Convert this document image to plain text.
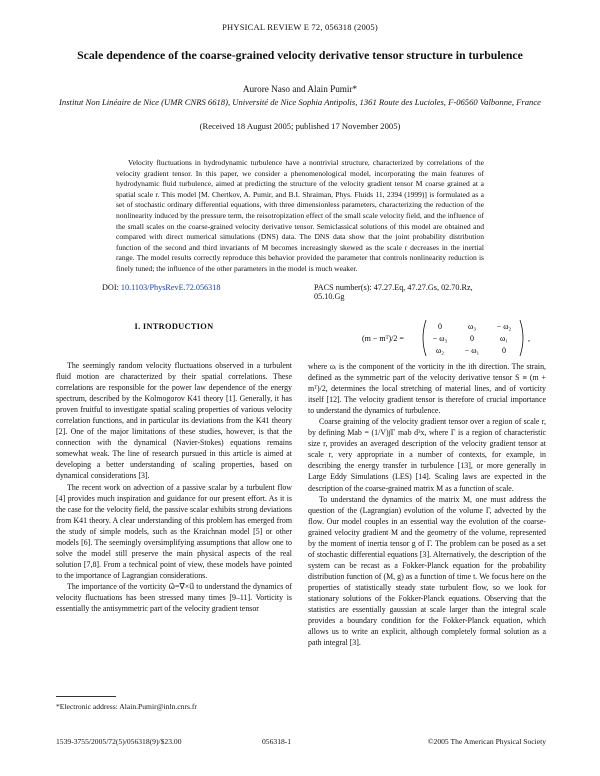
PHYSICAL REVIEW E 72, 056318 (2005)
Scale dependence of the coarse-grained velocity derivative tensor structure in turbulence
Aurore Naso and Alain Pumir*
Institut Non Linéaire de Nice (UMR CNRS 6618), Université de Nice Sophia Antipolis, 1361 Route des Lucioles, F-06560 Valbonne, France
(Received 18 August 2005; published 17 November 2005)

Velocity fluctuations in hydrodynamic turbulence have a nontrivial structure, characterized by correlations of the velocity gradient tensor. In this paper, we consider a phenomenological model, incorporating the main features of hydrodynamic fluid turbulence, aimed at predicting the structure of the velocity gradient tensor M coarse grained at a spatial scale r. This model [M. Chertkov, A. Pumir, and B.I. Shraiman, Phys. Fluids 11, 2394 (1999)] is formulated as a set of stochastic ordinary differential equations, with three dimensionless parameters, characterizing the reduction of the nonlinearity induced by the pressure term, the reisotropization effect of the small scale velocity field, and the influence of the small scales on the coarse-grained velocity derivative tensor. Semiclassical solutions of this model are obtained and compared with direct numerical simulations (DNS) data. The DNS data show that the joint probability distribution function of the second and third invariants of M becomes increasingly skewed as the scale r decreases in the inertial range. The model results correctly reproduce this behavior provided the parameter that controls nonlinearity reduction is finely tuned; the influence of the other parameters in the model is much weaker.

DOI: 10.1103/PhysRevE.72.056318	PACS number(s): 47.27.Eq, 47.27.Gs, 02.70.Rz, 05.10.Gg
I. INTRODUCTION

The seemingly random velocity fluctuations observed in a turbulent fluid motion are characterized by their spatial correlations. These correlations are responsible for the power law dependence of the energy spectrum, described by the Kolmogorov K41 theory [1]. Generally, it has proven fruitful to investigate spatial scaling properties of various velocity correlation functions, and in particular its deviations from the K41 theory [2]. One of the major limitations of these studies, however, is that the connection with the dynamical (Navier-Stokes) equations remains somewhat weak. The line of research pursued in this article is aimed at developing a better understanding of scaling properties, based on dynamical considerations [3].

The recent work on advection of a passive scalar by a turbulent flow [4] provides much inspiration and guidance for our present effort. As it is the case for the velocity field, the passive scalar exhibits strong deviations from K41 theory. A clear understanding of this problem has emerged from the study of simple models, such as the Kraichnan model [5] or other models [6]. The seemingly oversimplifying assumptions that allow one to solve the model still preserve the main physical aspects of the real solution [7,8]. From a technical point of view, these models have pointed to the importance of Lagrangian considerations.

The importance of the vorticity ω⃗=∇⃗×u⃗ to understand the dynamics of velocity fluctuations has been stressed many times [9–11]. Vorticity is essentially the antisymmetric part of the velocity gradient tensor

(m − mᵀ)/2 =
0	ω₃	− ω₂
− ω₃	0	ω₁
ω₂	− ω₁	0
,

where ωᵢ is the component of the vorticity in the ith direction. The strain, defined as the symmetric part of the velocity derivative tensor S ≡ (m + mᵀ)/2, determines the local stretching of material lines, and of vorticity itself [12]. The velocity gradient tensor is therefore of crucial importance to understand the dynamics of turbulence.

Coarse graining of the velocity gradient tensor over a region of scale r, by defining Mab = (1/V)∫Γ mab d³x, where Γ is a region of characteristic size r, provides an averaged description of the velocity gradient tensor at scale r, very appropriate in a number of contexts, for example, in describing the energy transfer in turbulence [13], or more generally in Large Eddy Simulations (LES) [14]. Scaling laws are expected in the description of the coarse-grained matrix M as a function of scale.

To understand the dynamics of the matrix M, one must address the question of the (Lagrangian) evolution of the volume Γ, advected by the flow. Our model couples in an essential way the evolution of the coarse-grained velocity gradient M and the geometry of the volume, represented by the moment of inertia tensor g of Γ. The problem can be posed as a set of stochastic differential equations [3]. Alternatively, the description of the system can be recast as a Fokker-Planck equation for the probability distribution function of (M, g) as a function of time t. We focus here on the properties of statistically steady state turbulent flow, so we look for stationary solutions of the Fokker-Planck equations. Observing that the statistics are essentially gaussian at scale larger than the integral scale provides a boundary condition for the Fokker-Planck equation, which allows us to write an explicit, although completely formal solution as a path integral [3].

*Electronic address: Alain.Pumir@inln.cnrs.fr
1539-3755/2005/72(5)/056318(9)/$23.00	056318-1	©2005 The American Physical Society
